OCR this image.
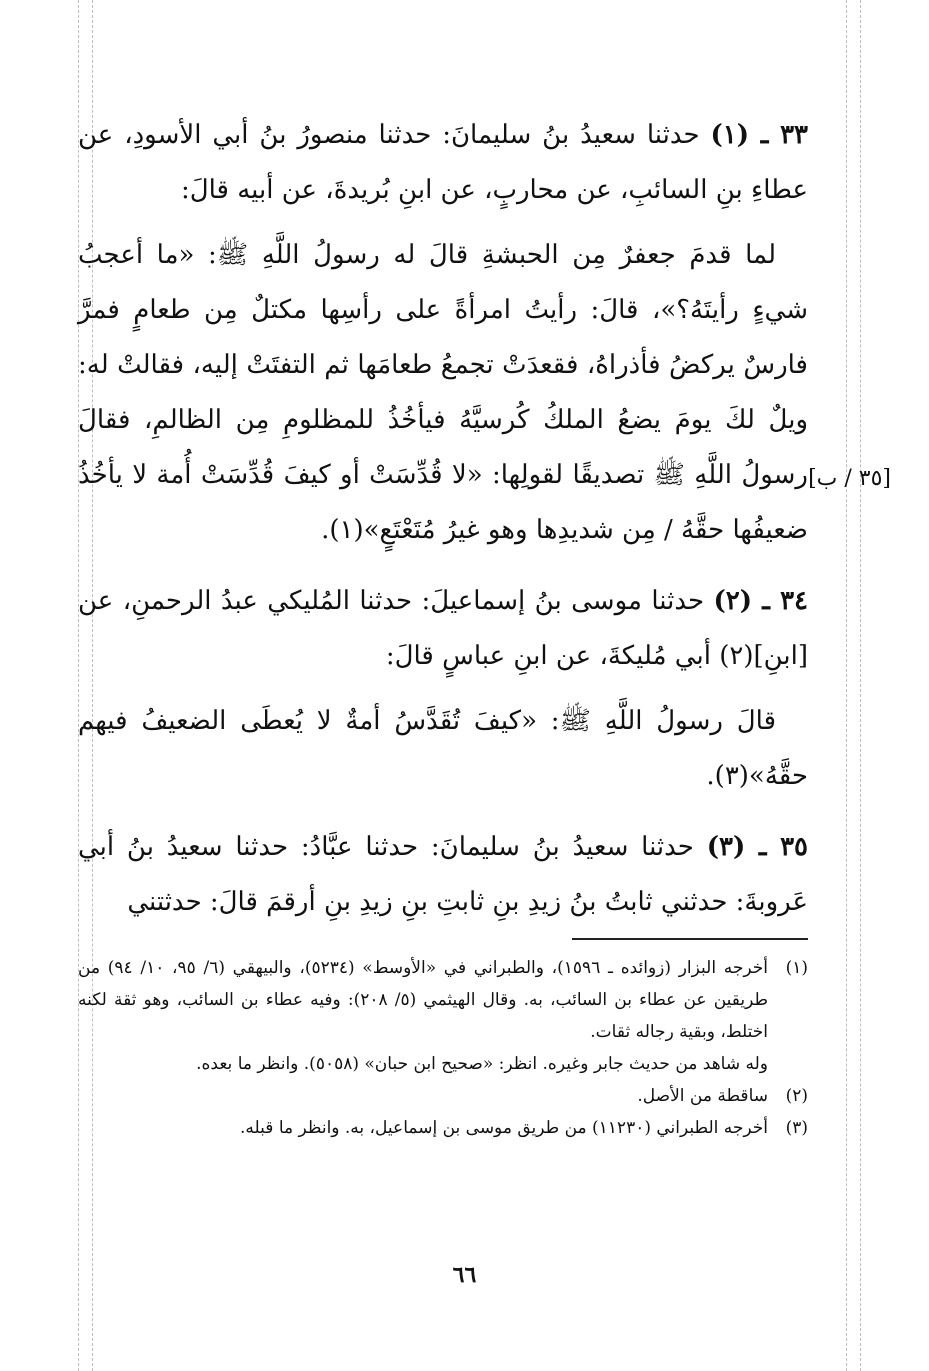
٣٣ ـ (١) حدثنا سعيدُ بنُ سليمانَ: حدثنا منصورُ بنُ أبي الأسودِ، عن عطاءِ بنِ السائبِ، عن محاربٍ، عن ابنِ بُريدةَ، عن أبيه قالَ:

لما قدمَ جعفرٌ مِن الحبشةِ قالَ له رسولُ اللَّهِ ﷺ: «ما أعجبُ شيءٍ رأيتَهُ؟»، قالَ: رأيتُ امرأةً على رأسِها مكتلٌ مِن طعامٍ فمرَّ فارسٌ يركضُ فأذراهُ، فقعدَتْ تجمعُ طعامَها ثم التفتَتْ إليه، فقالتْ له: ويلٌ لكَ يومَ يضعُ الملكُ كُرسيَّهُ فيأخُذُ للمظلومِ مِن الظالمِ، فقالَ رسولُ اللَّهِ ﷺ تصديقًا لقولِها: «لا قُدِّسَتْ أو كيفَ قُدِّسَتْ أُمة لا يأخُذُ ضعيفُها حقَّهُ / مِن شديدِها وهو غيرُ مُتَعْتَعٍ»(١).

٣٤ ـ (٢) حدثنا موسى بنُ إسماعيلَ: حدثنا المُليكي عبدُ الرحمنِ، عن [ابنِ](٢) أبي مُليكةَ، عن ابنِ عباسٍ قالَ:

قالَ رسولُ اللَّهِ ﷺ: «كيفَ تُقَدَّسُ أمةٌ لا يُعطَى الضعيفُ فيهم حقَّهُ»(٣).

٣٥ ـ (٣) حدثنا سعيدُ بنُ سليمانَ: حدثنا عبَّادُ: حدثنا سعيدُ بنُ أبي عَروبةَ: حدثني ثابتُ بنُ زيدِ بنِ ثابتِ بنِ زيدِ بنِ أرقمَ قالَ: حدثتني

[٣٥ / ب]
(١)
أخرجه البزار (زوائده ـ ١٥٩٦)، والطبراني في «الأوسط» (٥٢٣٤)، والبيهقي (٦/ ٩٥، ١٠/ ٩٤) من طريقين عن عطاء بن السائب، به. وقال الهيثمي (٥/ ٢٠٨): وفيه عطاء بن السائب، وهو ثقة لكنه اختلط، وبقية رجاله ثقات.
وله شاهد من حديث جابر وغيره. انظر: «صحيح ابن حبان» (٥٠٥٨). وانظر ما بعده.
(٢)
ساقطة من الأصل.
(٣)
أخرجه الطبراني (١١٢٣٠) من طريق موسى بن إسماعيل، به. وانظر ما قبله.
٦٦
